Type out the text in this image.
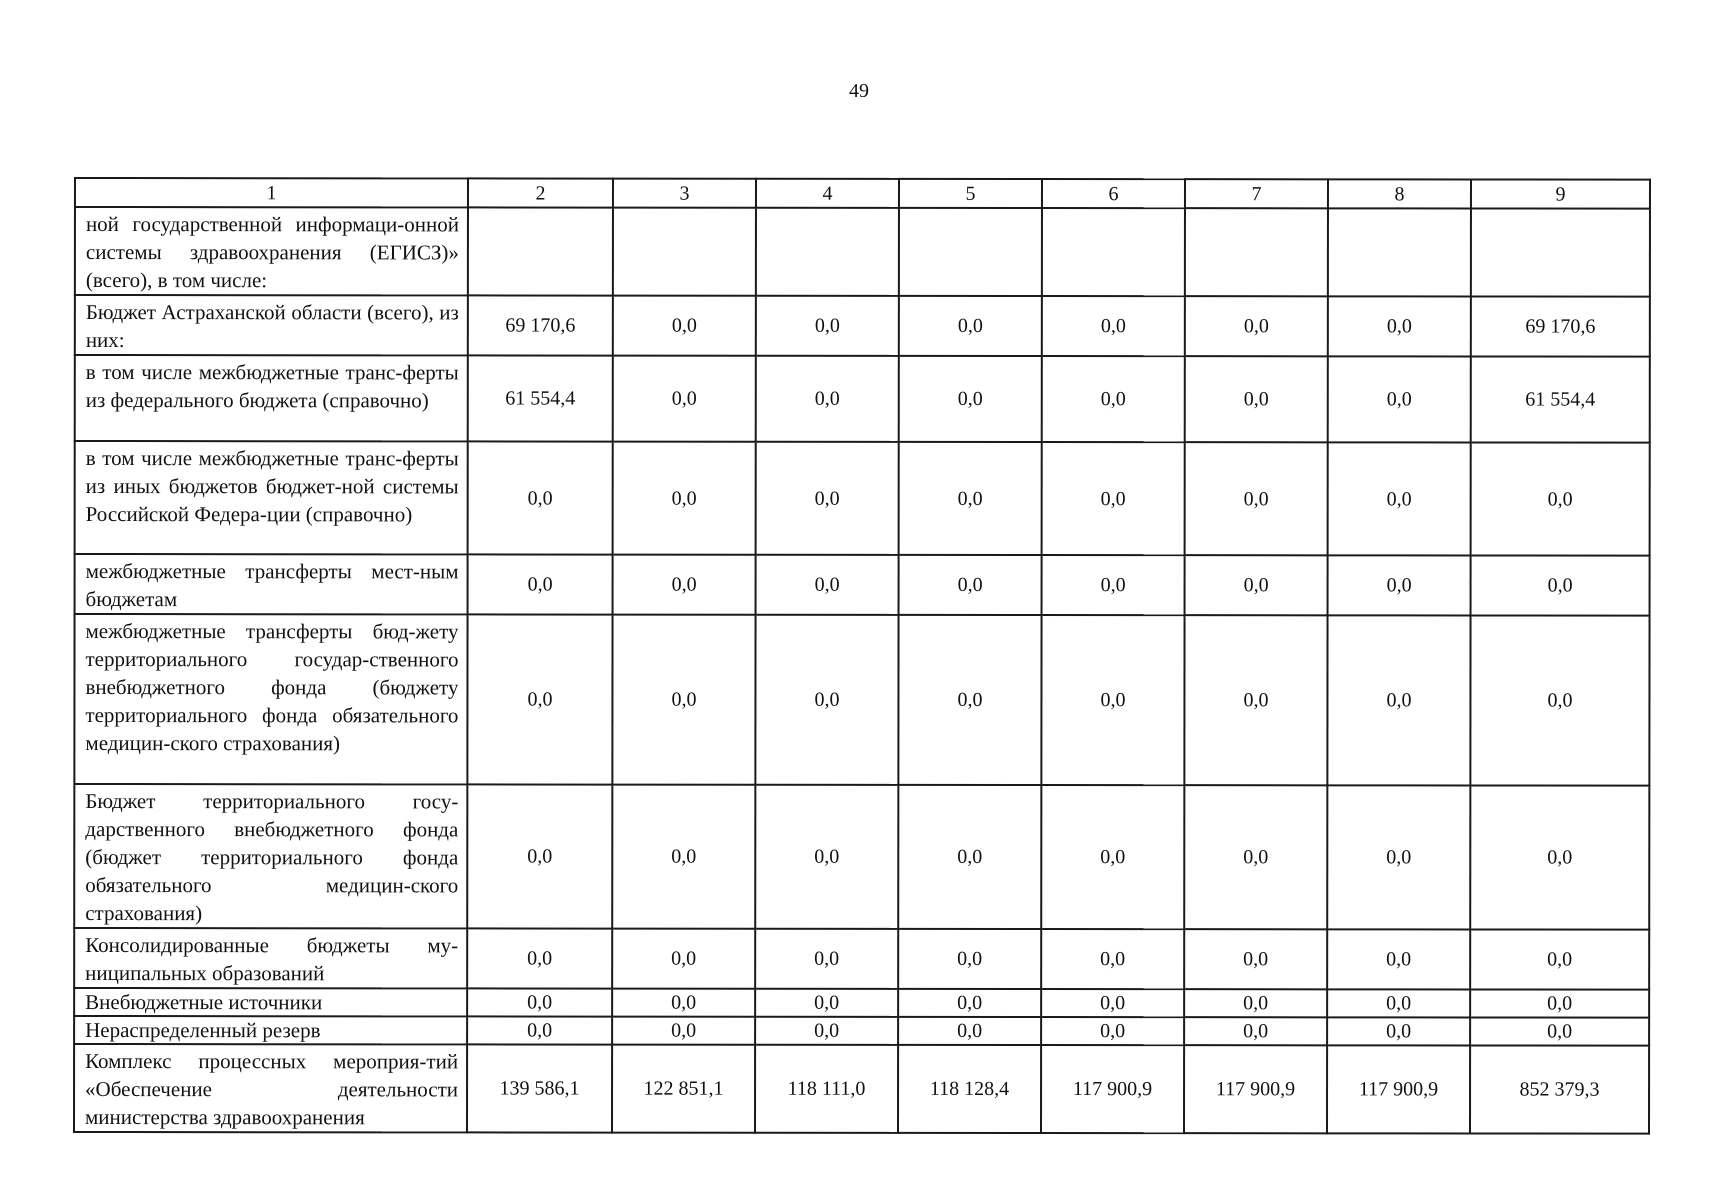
49
1	2	3	4	5	6	7	8	9
ной государственной информаци-онной системы здравоохранения (ЕГИСЗ)» (всего), в том числе:								
Бюджет Астраханской области (всего), из них:	69 170,6	0,0	0,0	0,0	0,0	0,0	0,0	69 170,6
в том числе межбюджетные транс-ферты из федерального бюджета (справочно)	61 554,4	0,0	0,0	0,0	0,0	0,0	0,0	61 554,4
в том числе межбюджетные транс-ферты из иных бюджетов бюджет-ной системы Российской Федера-ции (справочно)	0,0	0,0	0,0	0,0	0,0	0,0	0,0	0,0
межбюджетные трансферты мест-ным бюджетам	0,0	0,0	0,0	0,0	0,0	0,0	0,0	0,0
межбюджетные трансферты бюд-жету территориального государ-ственного внебюджетного фонда (бюджету территориального фонда обязательного медицин-ского страхования)	0,0	0,0	0,0	0,0	0,0	0,0	0,0	0,0
Бюджет территориального госу-дарственного внебюджетного фонда (бюджет территориального фонда обязательного медицин-ского страхования)	0,0	0,0	0,0	0,0	0,0	0,0	0,0	0,0
Консолидированные бюджеты му-ниципальных образований	0,0	0,0	0,0	0,0	0,0	0,0	0,0	0,0
Внебюджетные источники	0,0	0,0	0,0	0,0	0,0	0,0	0,0	0,0
Нераспределенный резерв	0,0	0,0	0,0	0,0	0,0	0,0	0,0	0,0
Комплекс процессных мероприя-тий «Обеспечение деятельности министерства здравоохранения	139 586,1	122 851,1	118 111,0	118 128,4	117 900,9	117 900,9	117 900,9	852 379,3
